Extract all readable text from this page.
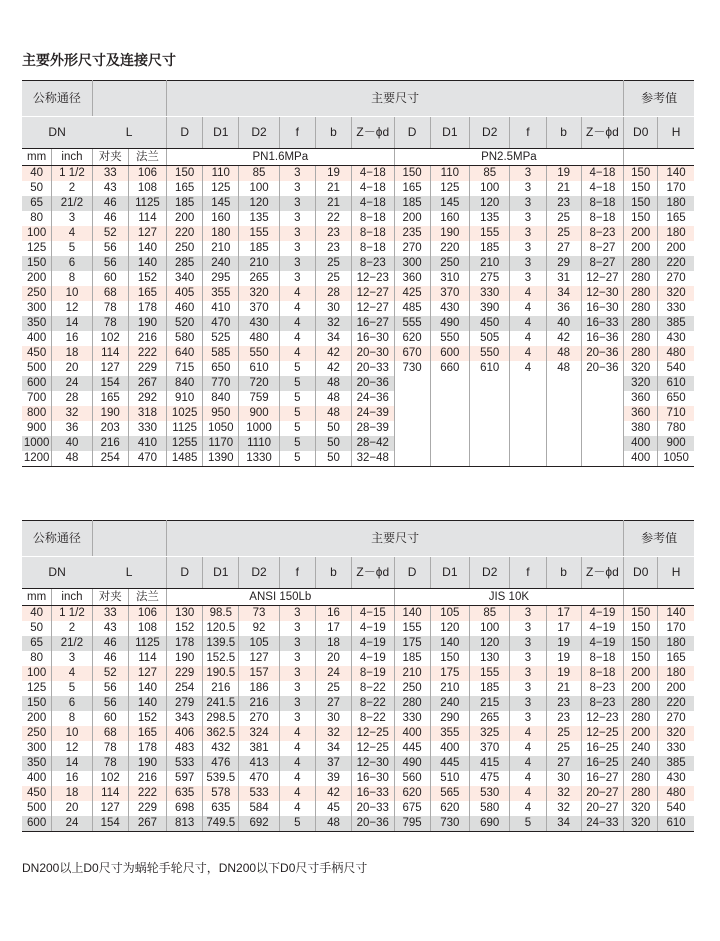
主要外形尺寸及连接尺寸
公称通径				主要尺寸												参考值	
DN		L		D	D1	D2	f	b	Z－ϕd	D	D1	D2	f	b	Z－ϕd	D0	H
mm	inch	对夹	法兰	PN1.6MPa						PN2.5MPa							
40	1 1/2	33	106	150	110	85	3	19	4−18	150	110	85	3	19	4−18	150	140
50	2	43	108	165	125	100	3	21	4−18	165	125	100	3	21	4−18	150	170
65	21/2	46	1125	185	145	120	3	21	4−18	185	145	120	3	23	8−18	150	180
80	3	46	114	200	160	135	3	22	8−18	200	160	135	3	25	8−18	150	165
100	4	52	127	220	180	155	3	23	8−18	235	190	155	3	25	8−23	200	180
125	5	56	140	250	210	185	3	23	8−18	270	220	185	3	27	8−27	200	200
150	6	56	140	285	240	210	3	25	8−23	300	250	210	3	29	8−27	280	220
200	8	60	152	340	295	265	3	25	12−23	360	310	275	3	31	12−27	280	270
250	10	68	165	405	355	320	4	28	12−27	425	370	330	4	34	12−30	280	320
300	12	78	178	460	410	370	4	30	12−27	485	430	390	4	36	16−30	280	330
350	14	78	190	520	470	430	4	32	16−27	555	490	450	4	40	16−33	280	385
400	16	102	216	580	525	480	4	34	16−30	620	550	505	4	42	16−36	280	430
450	18	114	222	640	585	550	4	42	20−30	670	600	550	4	48	20−36	280	480
500	20	127	229	715	650	610	5	42	20−33	730	660	610	4	48	20−36	320	540
600	24	154	267	840	770	720	5	48	20−36							320	610
700	28	165	292	910	840	759	5	48	24−36							360	650
800	32	190	318	1025	950	900	5	48	24−39							360	710
900	36	203	330	1125	1050	1000	5	50	28−39							380	780
1000	40	216	410	1255	1170	1110	5	50	28−42							400	900
1200	48	254	470	1485	1390	1330	5	50	32−48							400	1050
公称通径				主要尺寸												参考值	
DN		L		D	D1	D2	f	b	Z－ϕd	D	D1	D2	f	b	Z－ϕd	D0	H
mm	inch	对夹	法兰	ANSI 150Lb						JIS 10K							
40	1 1/2	33	106	130	98.5	73	3	16	4−15	140	105	85	3	17	4−19	150	140
50	2	43	108	152	120.5	92	3	17	4−19	155	120	100	3	17	4−19	150	170
65	21/2	46	1125	178	139.5	105	3	18	4−19	175	140	120	3	19	4−19	150	180
80	3	46	114	190	152.5	127	3	20	4−19	185	150	130	3	19	8−18	150	165
100	4	52	127	229	190.5	157	3	24	8−19	210	175	155	3	19	8−18	200	180
125	5	56	140	254	216	186	3	25	8−22	250	210	185	3	21	8−23	200	200
150	6	56	140	279	241.5	216	3	27	8−22	280	240	215	3	23	8−23	280	220
200	8	60	152	343	298.5	270	3	30	8−22	330	290	265	3	23	12−23	280	270
250	10	68	165	406	362.5	324	4	32	12−25	400	355	325	4	25	12−25	200	320
300	12	78	178	483	432	381	4	34	12−25	445	400	370	4	25	16−25	240	330
350	14	78	190	533	476	413	4	37	12−30	490	445	415	4	27	16−25	240	385
400	16	102	216	597	539.5	470	4	39	16−30	560	510	475	4	30	16−27	280	430
450	18	114	222	635	578	533	4	42	16−33	620	565	530	4	32	20−27	280	480
500	20	127	229	698	635	584	4	45	20−33	675	620	580	4	32	20−27	320	540
600	24	154	267	813	749.5	692	5	48	20−36	795	730	690	5	34	24−33	320	610
DN200以上D0尺寸为蜗轮手轮尺寸，DN200以下D0尺寸手柄尺寸
